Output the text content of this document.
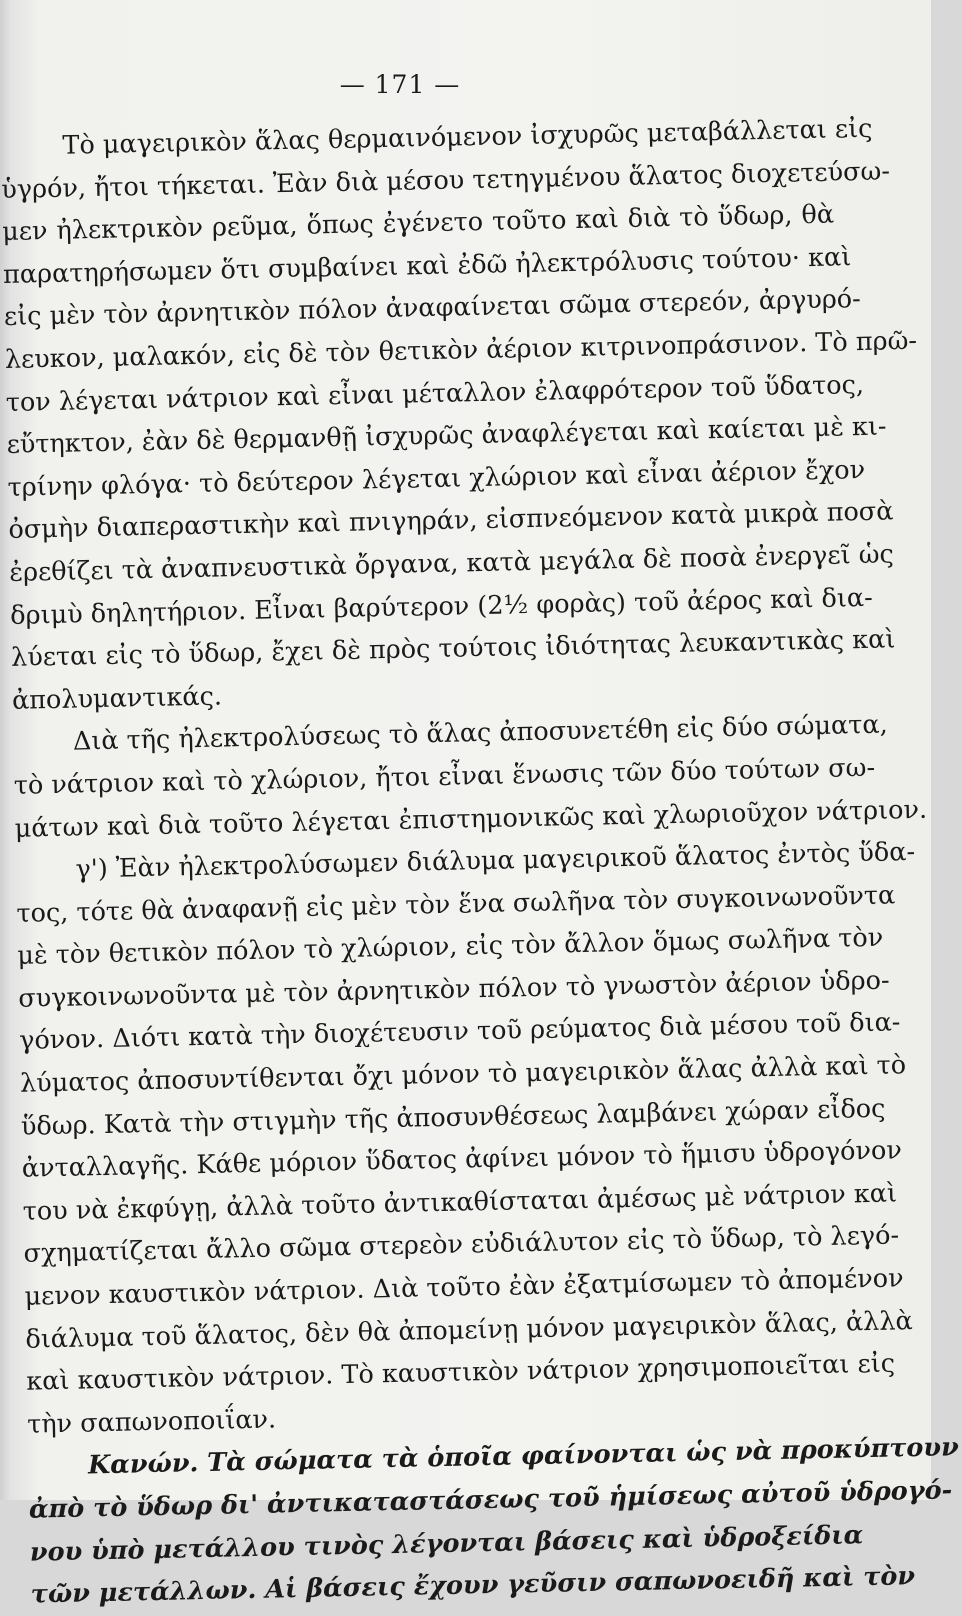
— 171 —
Τὸ μαγειρικὸν ἅλας θερμαινόμενον ἰσχυρῶς μεταβάλλεται εἰς
ὑγρόν, ἤτοι τήκεται. Ἐὰν διὰ μέσου τετηγμένου ἅλατος διοχετεύσω-
μεν ἠλεκτρικὸν ρεῦμα, ὅπως ἐγένετο τοῦτο καὶ διὰ τὸ ὕδωρ, θὰ
παρατηρήσωμεν ὅτι συμβαίνει καὶ ἐδῶ ἠλεκτρόλυσις τούτου· καὶ
εἰς μὲν τὸν ἀρνητικὸν πόλον ἀναφαίνεται σῶμα στερεόν, ἀργυρό-
λευκον, μαλακόν, εἰς δὲ τὸν θετικὸν ἀέριον κιτρινοπράσινον. Τὸ πρῶ-
τον λέγεται νάτριον καὶ εἶναι μέταλλον ἐλαφρότερον τοῦ ὕδατος,
εὔτηκτον, ἐὰν δὲ θερμανθῇ ἰσχυρῶς ἀναφλέγεται καὶ καίεται μὲ κι-
τρίνην φλόγα· τὸ δεύτερον λέγεται χλώριον καὶ εἶναι ἀέριον ἔχον
ὀσμὴν διαπεραστικὴν καὶ πνιγηράν, εἰσπνεόμενον κατὰ μικρὰ ποσὰ
ἐρεθίζει τὰ ἀναπνευστικὰ ὄργανα, κατὰ μεγάλα δὲ ποσὰ ἐνεργεῖ ὡς
δριμὺ δηλητήριον. Εἶναι βαρύτερον (2½ φορὰς) τοῦ ἀέρος καὶ δια-
λύεται εἰς τὸ ὕδωρ, ἔχει δὲ πρὸς τούτοις ἰδιότητας λευκαντικὰς καὶ
ἀπολυμαντικάς.
Διὰ τῆς ἠλεκτρολύσεως τὸ ἅλας ἀποσυνετέθη εἰς δύο σώματα,
τὸ νάτριον καὶ τὸ χλώριον, ἤτοι εἶναι ἕνωσις τῶν δύο τούτων σω-
μάτων καὶ διὰ τοῦτο λέγεται ἐπιστημονικῶς καὶ χλωριοῦχον νάτριον.
γ') Ἐὰν ἠλεκτρολύσωμεν διάλυμα μαγειρικοῦ ἅλατος ἐντὸς ὕδα-
τος, τότε θὰ ἀναφανῇ εἰς μὲν τὸν ἕνα σωλῆνα τὸν συγκοινωνοῦντα
μὲ τὸν θετικὸν πόλον τὸ χλώριον, εἰς τὸν ἄλλον ὅμως σωλῆνα τὸν
συγκοινωνοῦντα μὲ τὸν ἀρνητικὸν πόλον τὸ γνωστὸν ἀέριον ὑδρο-
γόνον. Διότι κατὰ τὴν διοχέτευσιν τοῦ ρεύματος διὰ μέσου τοῦ δια-
λύματος ἀποσυντίθενται ὄχι μόνον τὸ μαγειρικὸν ἅλας ἀλλὰ καὶ τὸ
ὕδωρ. Κατὰ τὴν στιγμὴν τῆς ἀποσυνθέσεως λαμβάνει χώραν εἶδος
ἀνταλλαγῆς. Κάθε μόριον ὕδατος ἀφίνει μόνον τὸ ἥμισυ ὑδρογόνον
του νὰ ἐκφύγῃ, ἀλλὰ τοῦτο ἀντικαθίσταται ἀμέσως μὲ νάτριον καὶ
σχηματίζεται ἄλλο σῶμα στερεὸν εὐδιάλυτον εἰς τὸ ὕδωρ, τὸ λεγό-
μενον καυστικὸν νάτριον. Διὰ τοῦτο ἐὰν ἐξατμίσωμεν τὸ ἀπομένον
διάλυμα τοῦ ἅλατος, δὲν θὰ ἀπομείνῃ μόνον μαγειρικὸν ἅλας, ἀλλὰ
καὶ καυστικὸν νάτριον. Τὸ καυστικὸν νάτριον χρησιμοποιεῖται εἰς
τὴν σαπωνοποιΐαν.
Κανών. Τὰ σώματα τὰ ὁποῖα φαίνονται ὡς νὰ προκύπτουν
ἀπὸ τὸ ὕδωρ δι' ἀντικαταστάσεως τοῦ ἡμίσεως αὐτοῦ ὑδρογό-
νου ὑπὸ μετάλλου τινὸς λέγονται βάσεις καὶ ὑδροξείδια
τῶν μετάλλων. Αἱ βάσεις ἔχουν γεῦσιν σαπωνοειδῆ καὶ τὸν
